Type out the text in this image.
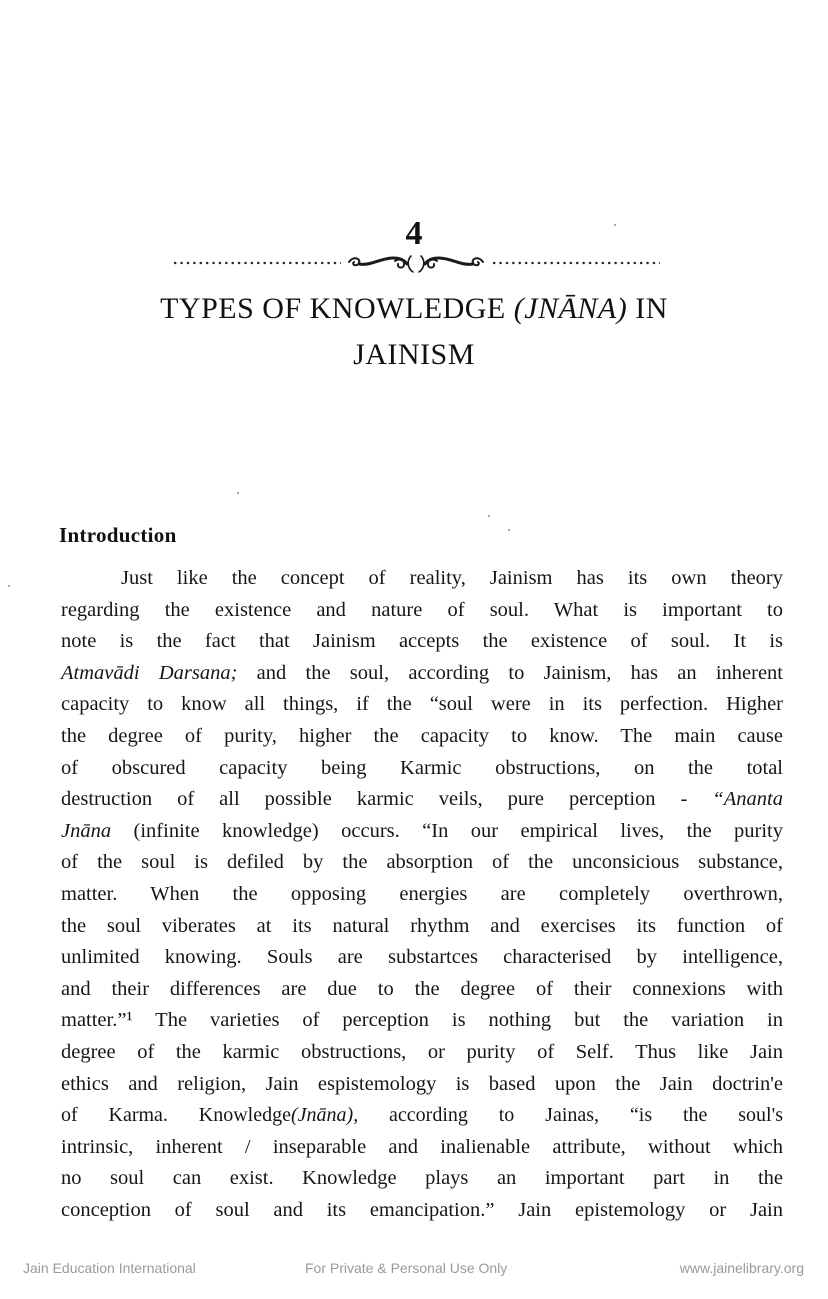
4
TYPES OF KNOWLEDGE (JNĀNA) IN
JAINISM
Introduction
Just like the concept of reality, Jainism has its own theory
regarding the existence and nature of soul. What is important to
note is the fact that Jainism accepts the existence of soul. It is
Atmavādi Darsana; and the soul, according to Jainism, has an inherent
capacity to know all things, if the “soul were in its perfection. Higher
the degree of purity, higher the capacity to know. The main cause
of obscured capacity being Karmic obstructions, on the total
destruction of all possible karmic veils, pure perception - “Ananta
Jnāna (infinite knowledge) occurs. “In our empirical lives, the purity
of the soul is defiled by the absorption of the unconsicious substance,
matter. When the opposing energies are completely overthrown,
the soul viberates at its natural rhythm and exercises its function of
unlimited knowing. Souls are substartces characterised by intelligence,
and their differences are due to the degree of their connexions with
matter.”¹ The varieties of perception is nothing but the variation in
degree of the karmic obstructions, or purity of Self. Thus like Jain
ethics and religion, Jain espistemology is based upon the Jain doctrin'e
of Karma. Knowledge(Jnāna), according to Jainas, “is the soul's
intrinsic, inherent / inseparable and inalienable attribute, without which
no soul can exist. Knowledge plays an important part in the
conception of soul and its emancipation.” Jain epistemology or Jain
Jain Education International	For Private & Personal Use Only	www.jainelibrary.org
